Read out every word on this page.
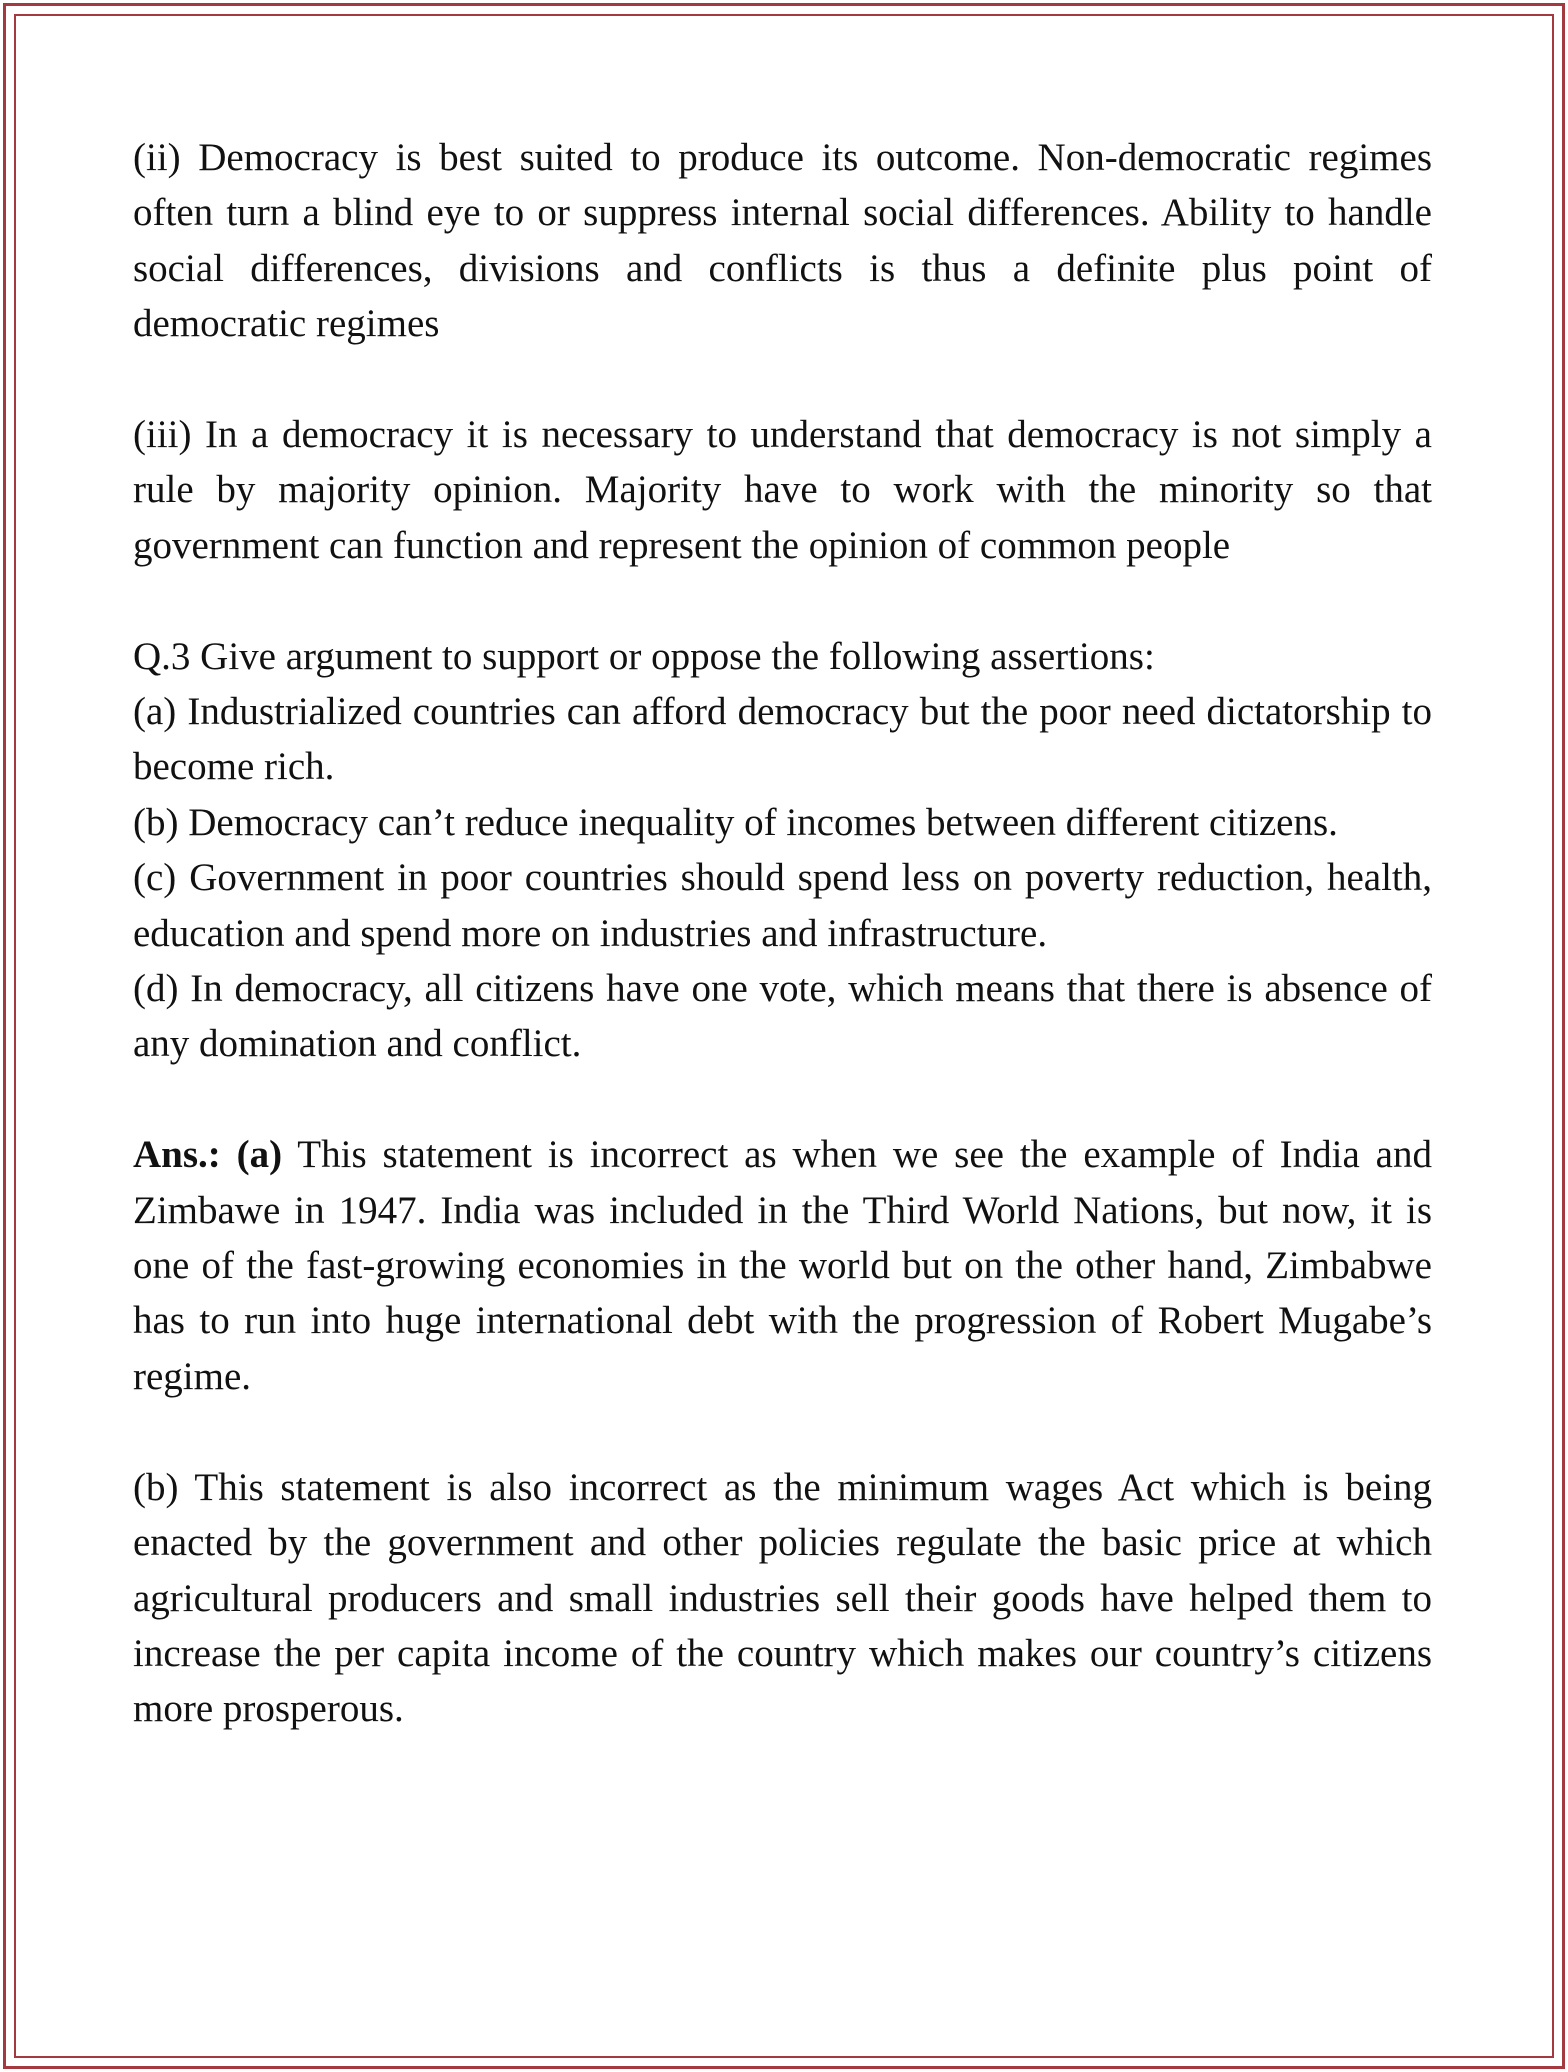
(ii) Democracy is best suited to produce its outcome. Non-democratic regimes often turn a blind eye to or suppress internal social differences. Ability to handle social differences, divisions and conflicts is thus a definite plus point of democratic regimes

(iii) In a democracy it is necessary to understand that democracy is not simply a rule by majority opinion. Majority have to work with the minority so that government can function and represent the opinion of common people

Q.3 Give argument to support or oppose the following assertions:

(a) Industrialized countries can afford democracy but the poor need dictatorship to become rich.

(b) Democracy can’t reduce inequality of incomes between different citizens.

(c) Government in poor countries should spend less on poverty reduction, health, education and spend more on industries and infrastructure.

(d) In democracy, all citizens have one vote, which means that there is absence of any domination and conflict.

Ans.: (a) This statement is incorrect as when we see the example of India and Zimbawe in 1947. India was included in the Third World Nations, but now, it is one of the fast-growing economies in the world but on the other hand, Zimbabwe has to run into huge international debt with the progression of Robert Mugabe’s regime.

(b) This statement is also incorrect as the minimum wages Act which is being enacted by the government and other policies regulate the basic price at which agricultural producers and small industries sell their goods have helped them to increase the per capita income of the country which makes our country’s citizens more prosperous.
